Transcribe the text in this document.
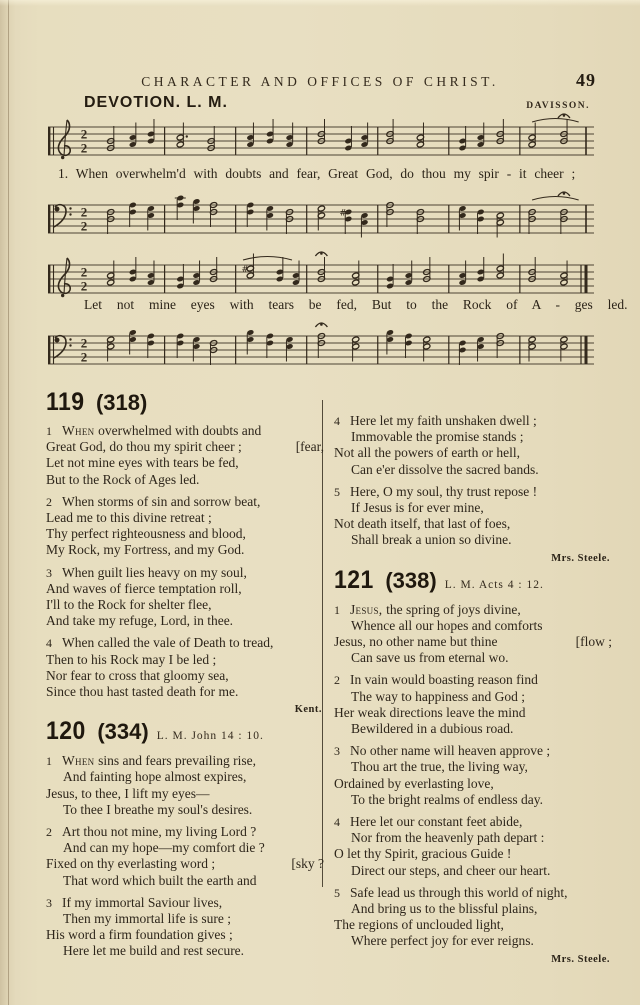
CHARACTER AND OFFICES OF CHRIST.	49
DEVOTION. L. M.	DAVISSON.
2
2
1. When overwhelm'd with doubts and fear, Great God, do thou my spir - it cheer ;
2
2
#
2
2
#
Let not mine eyes with tears be fed, But to the Rock of A - ges led.
2
2
119 (318)
1 When overwhelmed with doubts and
[fear,
Great God, do thou my spirit cheer ;
Let not mine eyes with tears be fed,
But to the Rock of Ages led.
2 When storms of sin and sorrow beat,
Lead me to this divine retreat ;
Thy perfect righteousness and blood,
My Rock, my Fortress, and my God.
3 When guilt lies heavy on my soul,
And waves of fierce temptation roll,
I'll to the Rock for shelter flee,
And take my refuge, Lord, in thee.
4 When called the vale of Death to tread,
Then to his Rock may I be led ;
Nor fear to cross that gloomy sea,
Since thou hast tasted death for me.
Kent.
120 (334) L. M. John 14 : 10.
1 When sins and fears prevailing rise,
And fainting hope almost expires,
Jesus, to thee, I lift my eyes—
To thee I breathe my soul's desires.
2 Art thou not mine, my living Lord ?
And can my hope—my comfort die ?
[sky ?
Fixed on thy everlasting word ;
That word which built the earth and
3 If my immortal Saviour lives,
Then my immortal life is sure ;
His word a firm foundation gives ;
Here let me build and rest secure.
4 Here let my faith unshaken dwell ;
Immovable the promise stands ;
Not all the powers of earth or hell,
Can e'er dissolve the sacred bands.
5 Here, O my soul, thy trust repose !
If Jesus is for ever mine,
Not death itself, that last of foes,
Shall break a union so divine.
Mrs. Steele.
121 (338) L. M. Acts 4 : 12.
1 Jesus, the spring of joys divine,
Whence all our hopes and comforts
[flow ;
Jesus, no other name but thine
Can save us from eternal wo.
2 In vain would boasting reason find
The way to happiness and God ;
Her weak directions leave the mind
Bewildered in a dubious road.
3 No other name will heaven approve ;
Thou art the true, the living way,
Ordained by everlasting love,
To the bright realms of endless day.
4 Here let our constant feet abide,
Nor from the heavenly path depart :
O let thy Spirit, gracious Guide !
Direct our steps, and cheer our heart.
5 Safe lead us through this world of night,
And bring us to the blissful plains,
The regions of unclouded light,
Where perfect joy for ever reigns.
Mrs. Steele.
